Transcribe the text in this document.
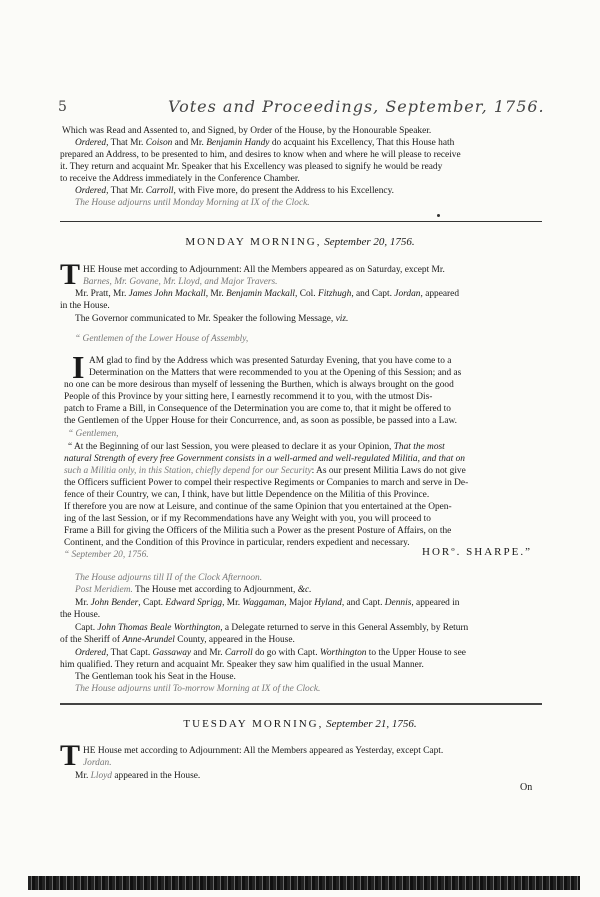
5	Votes and Proceedings, September, 1756.
Which was Read and Assented to, and Signed, by Order of the House, by the Honourable Speaker.
Ordered, That Mr. Coison and Mr. Benjamin Handy do acquaint his Excellency, That this House hath
prepared an Address, to be presented to him, and desires to know when and where he will please to receive
it. They return and acquaint Mr. Speaker that his Excellency was pleased to signify he would be ready
to receive the Address immediately in the Conference Chamber.
Ordered, That Mr. Carroll, with Five more, do present the Address to his Excellency.
The House adjourns until Monday Morning at IX of the Clock.
MONDAY MORNING, September 20, 1756.
T HE House met according to Adjournment: All the Members appeared as on Saturday, except Mr.
Barnes, Mr. Govane, Mr. Lloyd, and Major Travers.
Mr. Pratt, Mr. James John Mackall, Mr. Benjamin Mackall, Col. Fitzhugh, and Capt. Jordan, appeared
in the House.
The Governor communicated to Mr. Speaker the following Message, viz.
“ Gentlemen of the Lower House of Assembly,
I AM glad to find by the Address which was presented Saturday Evening, that you have come to a
Determination on the Matters that were recommended to you at the Opening of this Session; and as
no one can be more desirous than myself of lessening the Burthen, which is always brought on the good
People of this Province by your sitting here, I earnestly recommend it to you, with the utmost Dis-
patch to Frame a Bill, in Consequence of the Determination you are come to, that it might be offered to
the Gentlemen of the Upper House for their Concurrence, and, as soon as possible, be passed into a Law.
“ Gentlemen,
“ At the Beginning of our last Session, you were pleased to declare it as your Opinion, That the most
natural Strength of every free Government consists in a well-armed and well-regulated Militia, and that on
such a Militia only, in this Station, chiefly depend for our Security: As our present Militia Laws do not give
the Officers sufficient Power to compel their respective Regiments or Companies to march and serve in De-
fence of their Country, we can, I think, have but little Dependence on the Militia of this Province.
If therefore you are now at Leisure, and continue of the same Opinion that you entertained at the Open-
ing of the last Session, or if my Recommendations have any Weight with you, you will proceed to
Frame a Bill for giving the Officers of the Militia such a Power as the present Posture of Affairs, on the
Continent, and the Condition of this Province in particular, renders expedient and necessary.
“ September 20, 1756.	HORº. SHARPE.”
The House adjourns till II of the Clock Afternoon.
Post Meridiem. The House met according to Adjournment, &c.
Mr. John Bender, Capt. Edward Sprigg, Mr. Waggaman, Major Hyland, and Capt. Dennis, appeared in
the House.
Capt. John Thomas Beale Worthington, a Delegate returned to serve in this General Assembly, by Return
of the Sheriff of Anne-Arundel County, appeared in the House.
Ordered, That Capt. Gassaway and Mr. Carroll do go with Capt. Worthington to the Upper House to see
him qualified. They return and acquaint Mr. Speaker they saw him qualified in the usual Manner.
The Gentleman took his Seat in the House.
The House adjourns until To-morrow Morning at IX of the Clock.
TUESDAY MORNING, September 21, 1756.
T HE House met according to Adjournment: All the Members appeared as Yesterday, except Capt.
Jordan.
Mr. Lloyd appeared in the House.
On
